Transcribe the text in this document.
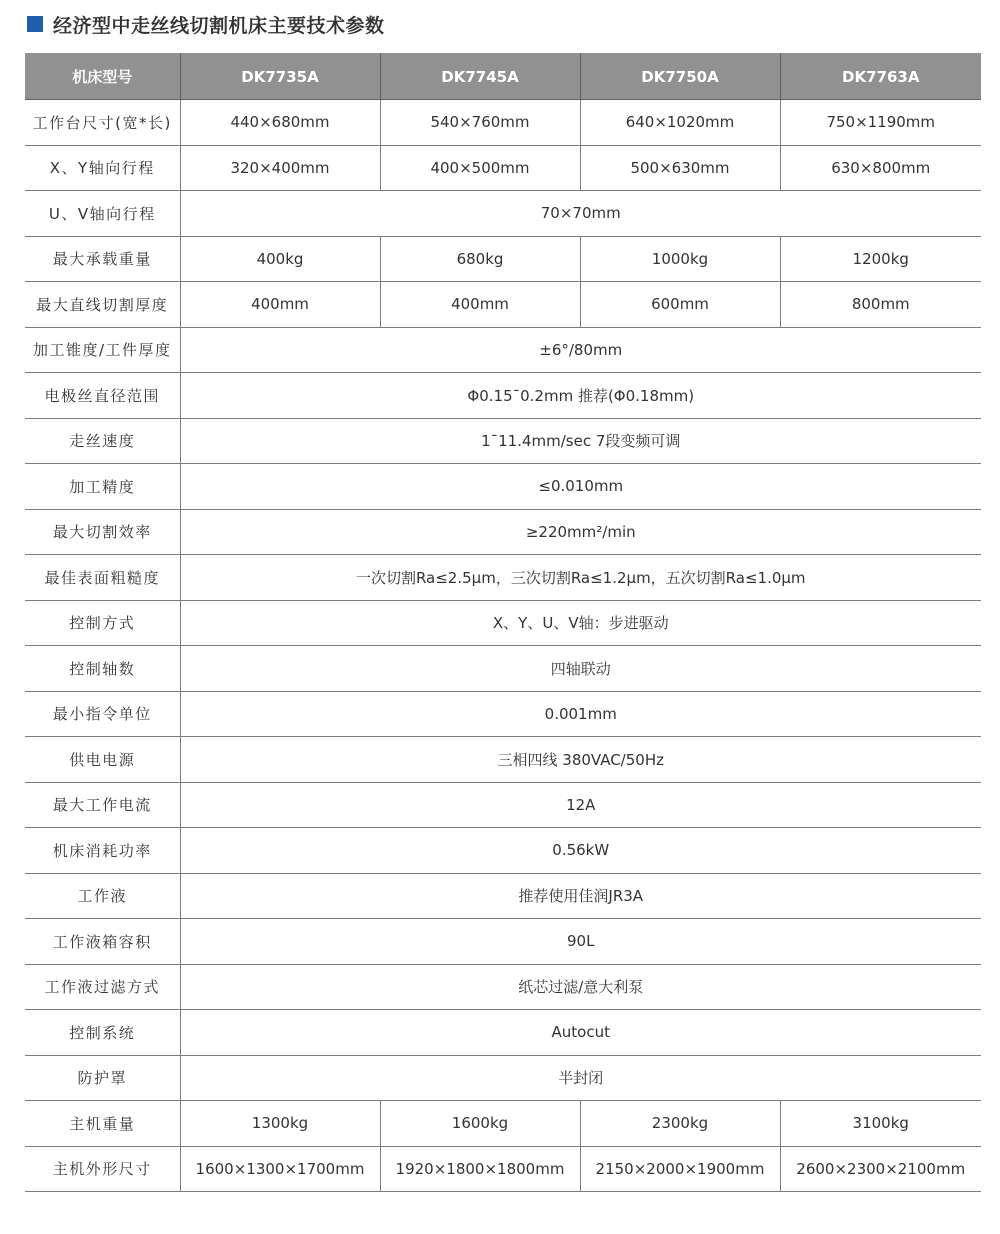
经济型中走丝线切割机床主要技术参数
机床型号	DK7735A	DK7745A	DK7750A	DK7763A
工作台尺寸(宽*长)	440×680mm	540×760mm	640×1020mm	750×1190mm
X、Y轴向行程	320×400mm	400×500mm	500×630mm	630×800mm
U、V轴向行程	70×70mm			
最大承载重量	400kg	680kg	1000kg	1200kg
最大直线切割厚度	400mm	400mm	600mm	800mm
加工锥度/工件厚度	±6°/80mm			
电极丝直径范围	Φ0.15¯0.2mm 推荐(Φ0.18mm)			
走丝速度	1¯11.4mm/sec 7段变频可调			
加工精度	≤0.010mm			
最大切割效率	≥220mm²/min			
最佳表面粗糙度	一次切割Ra≤2.5μm，三次切割Ra≤1.2μm，五次切割Ra≤1.0μm			
控制方式	X、Y、U、V轴：步进驱动			
控制轴数	四轴联动			
最小指令单位	0.001mm			
供电电源	三相四线 380VAC/50Hz			
最大工作电流	12A			
机床消耗功率	0.56kW			
工作液	推荐使用佳润JR3A			
工作液箱容积	90L			
工作液过滤方式	纸芯过滤/意大利泵			
控制系统	Autocut			
防护罩	半封闭			
主机重量	1300kg	1600kg	2300kg	3100kg
主机外形尺寸	1600×1300×1700mm	1920×1800×1800mm	2150×2000×1900mm	2600×2300×2100mm
